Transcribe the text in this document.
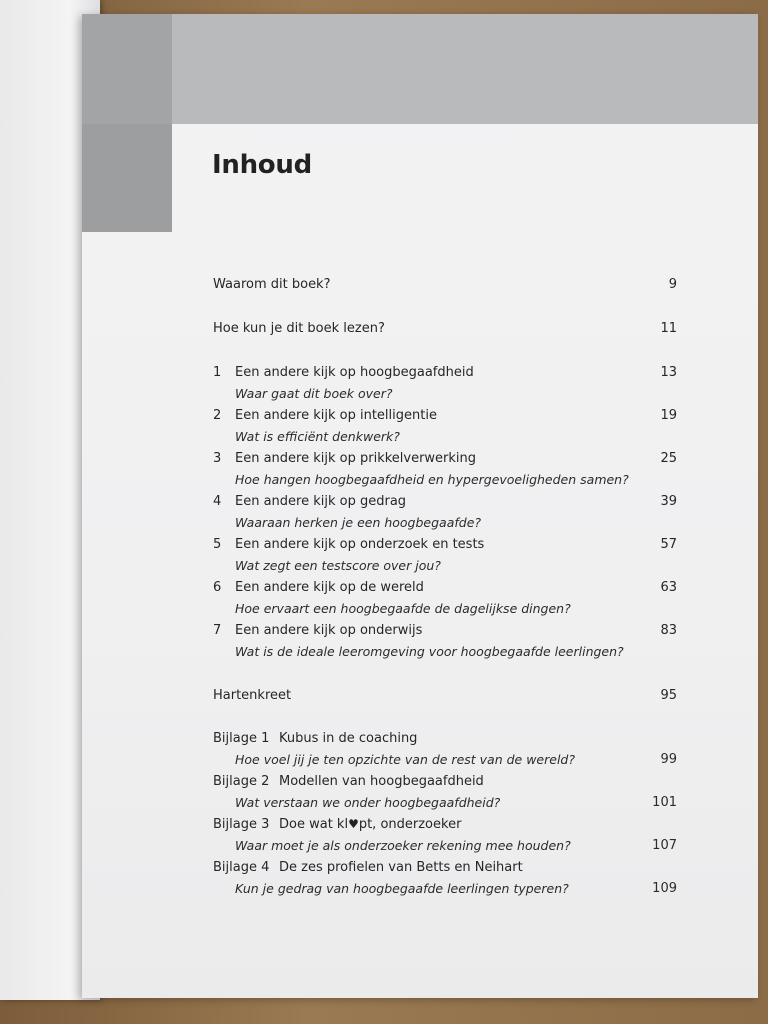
Inhoud
Waarom dit boek?	9
Hoe kun je dit boek lezen?	11
1 Een andere kijk op hoogbegaafdheid	13
Waar gaat dit boek over?
2 Een andere kijk op intelligentie	19
Wat is efficiënt denkwerk?
3 Een andere kijk op prikkelverwerking	25
Hoe hangen hoogbegaafdheid en hypergevoeligheden samen?
4 Een andere kijk op gedrag	39
Waaraan herken je een hoogbegaafde?
5 Een andere kijk op onderzoek en tests	57
Wat zegt een testscore over jou?
6 Een andere kijk op de wereld	63
Hoe ervaart een hoogbegaafde de dagelijkse dingen?
7 Een andere kijk op onderwijs	83
Wat is de ideale leeromgeving voor hoogbegaafde leerlingen?
Hartenkreet	95
Bijlage 1 Kubus in de coaching
Hoe voel jij je ten opzichte van de rest van de wereld?	99
Bijlage 2 Modellen van hoogbegaafdheid
Wat verstaan we onder hoogbegaafdheid?	101
Bijlage 3 Doe wat kl♥pt, onderzoeker
Waar moet je als onderzoeker rekening mee houden?	107
Bijlage 4 De zes profielen van Betts en Neihart
Kun je gedrag van hoogbegaafde leerlingen typeren?	109
